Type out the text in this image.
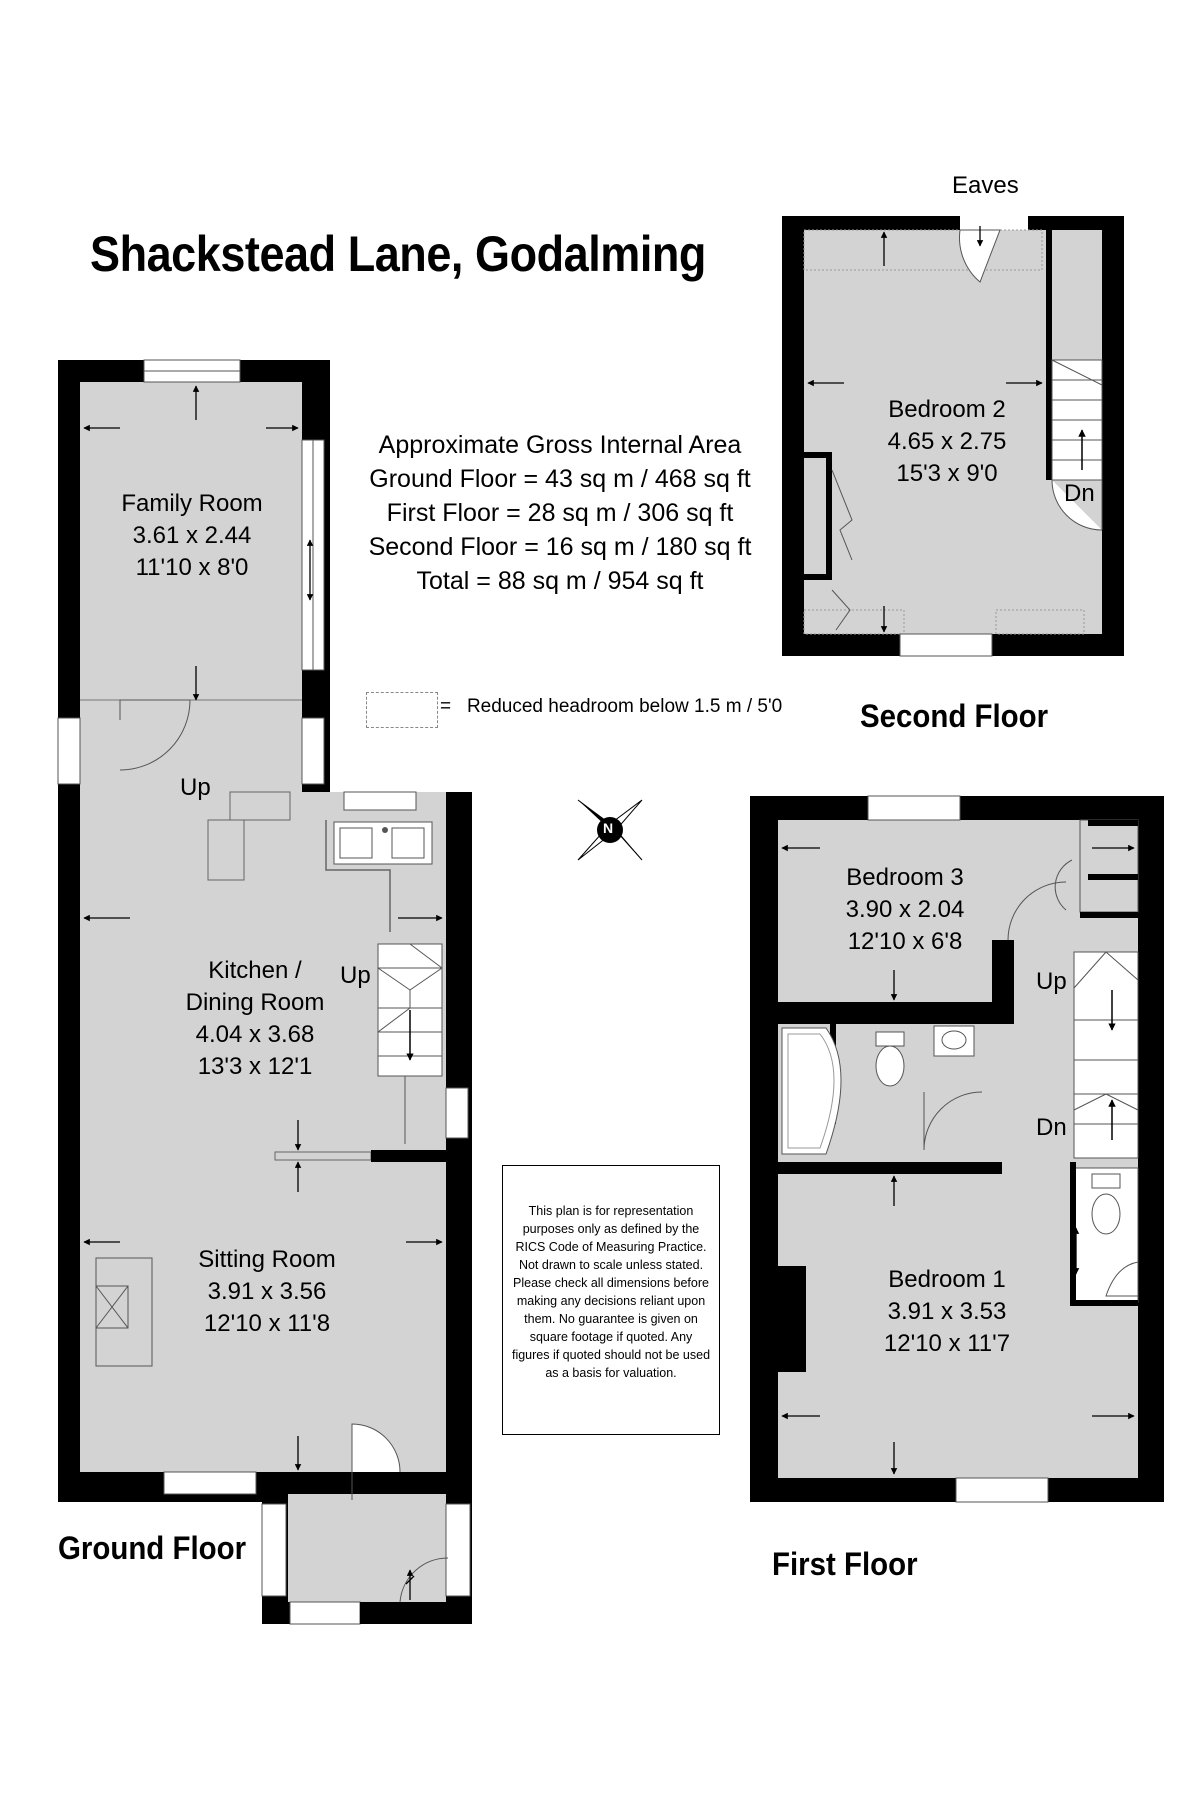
Shackstead Lane, Godalming
Approximate Gross Internal Area
Ground Floor = 43 sq m / 468 sq ft
First Floor = 28 sq m / 306 sq ft
Second Floor = 16 sq m / 180 sq ft
Total = 88 sq m / 954 sq ft
=   Reduced headroom below 1.5 m / 5'0
Family Room
3.61 x 2.44
11'10 x 8'0
Kitchen /
Dining Room
4.04 x 3.68
13'3 x 12'1
Sitting Room
3.91 x 3.56
12'10 x 11'8
Bedroom 3
3.90 x 2.04
12'10 x 6'8
Bedroom 1
3.91 x 3.53
12'10 x 11'7
Bedroom 2
4.65 x 2.75
15'3 x 9'0
Up
Up	Up
Dn
Dn
Eaves
IN
N
Ground Floor	First Floor
Second Floor
This plan is for representation purposes only as defined by the RICS Code of Measuring Practice. Not drawn to scale unless stated. Please check all dimensions before making any decisions reliant upon them. No guarantee is given on square footage if quoted. Any figures if quoted should not be used as a basis for valuation.
